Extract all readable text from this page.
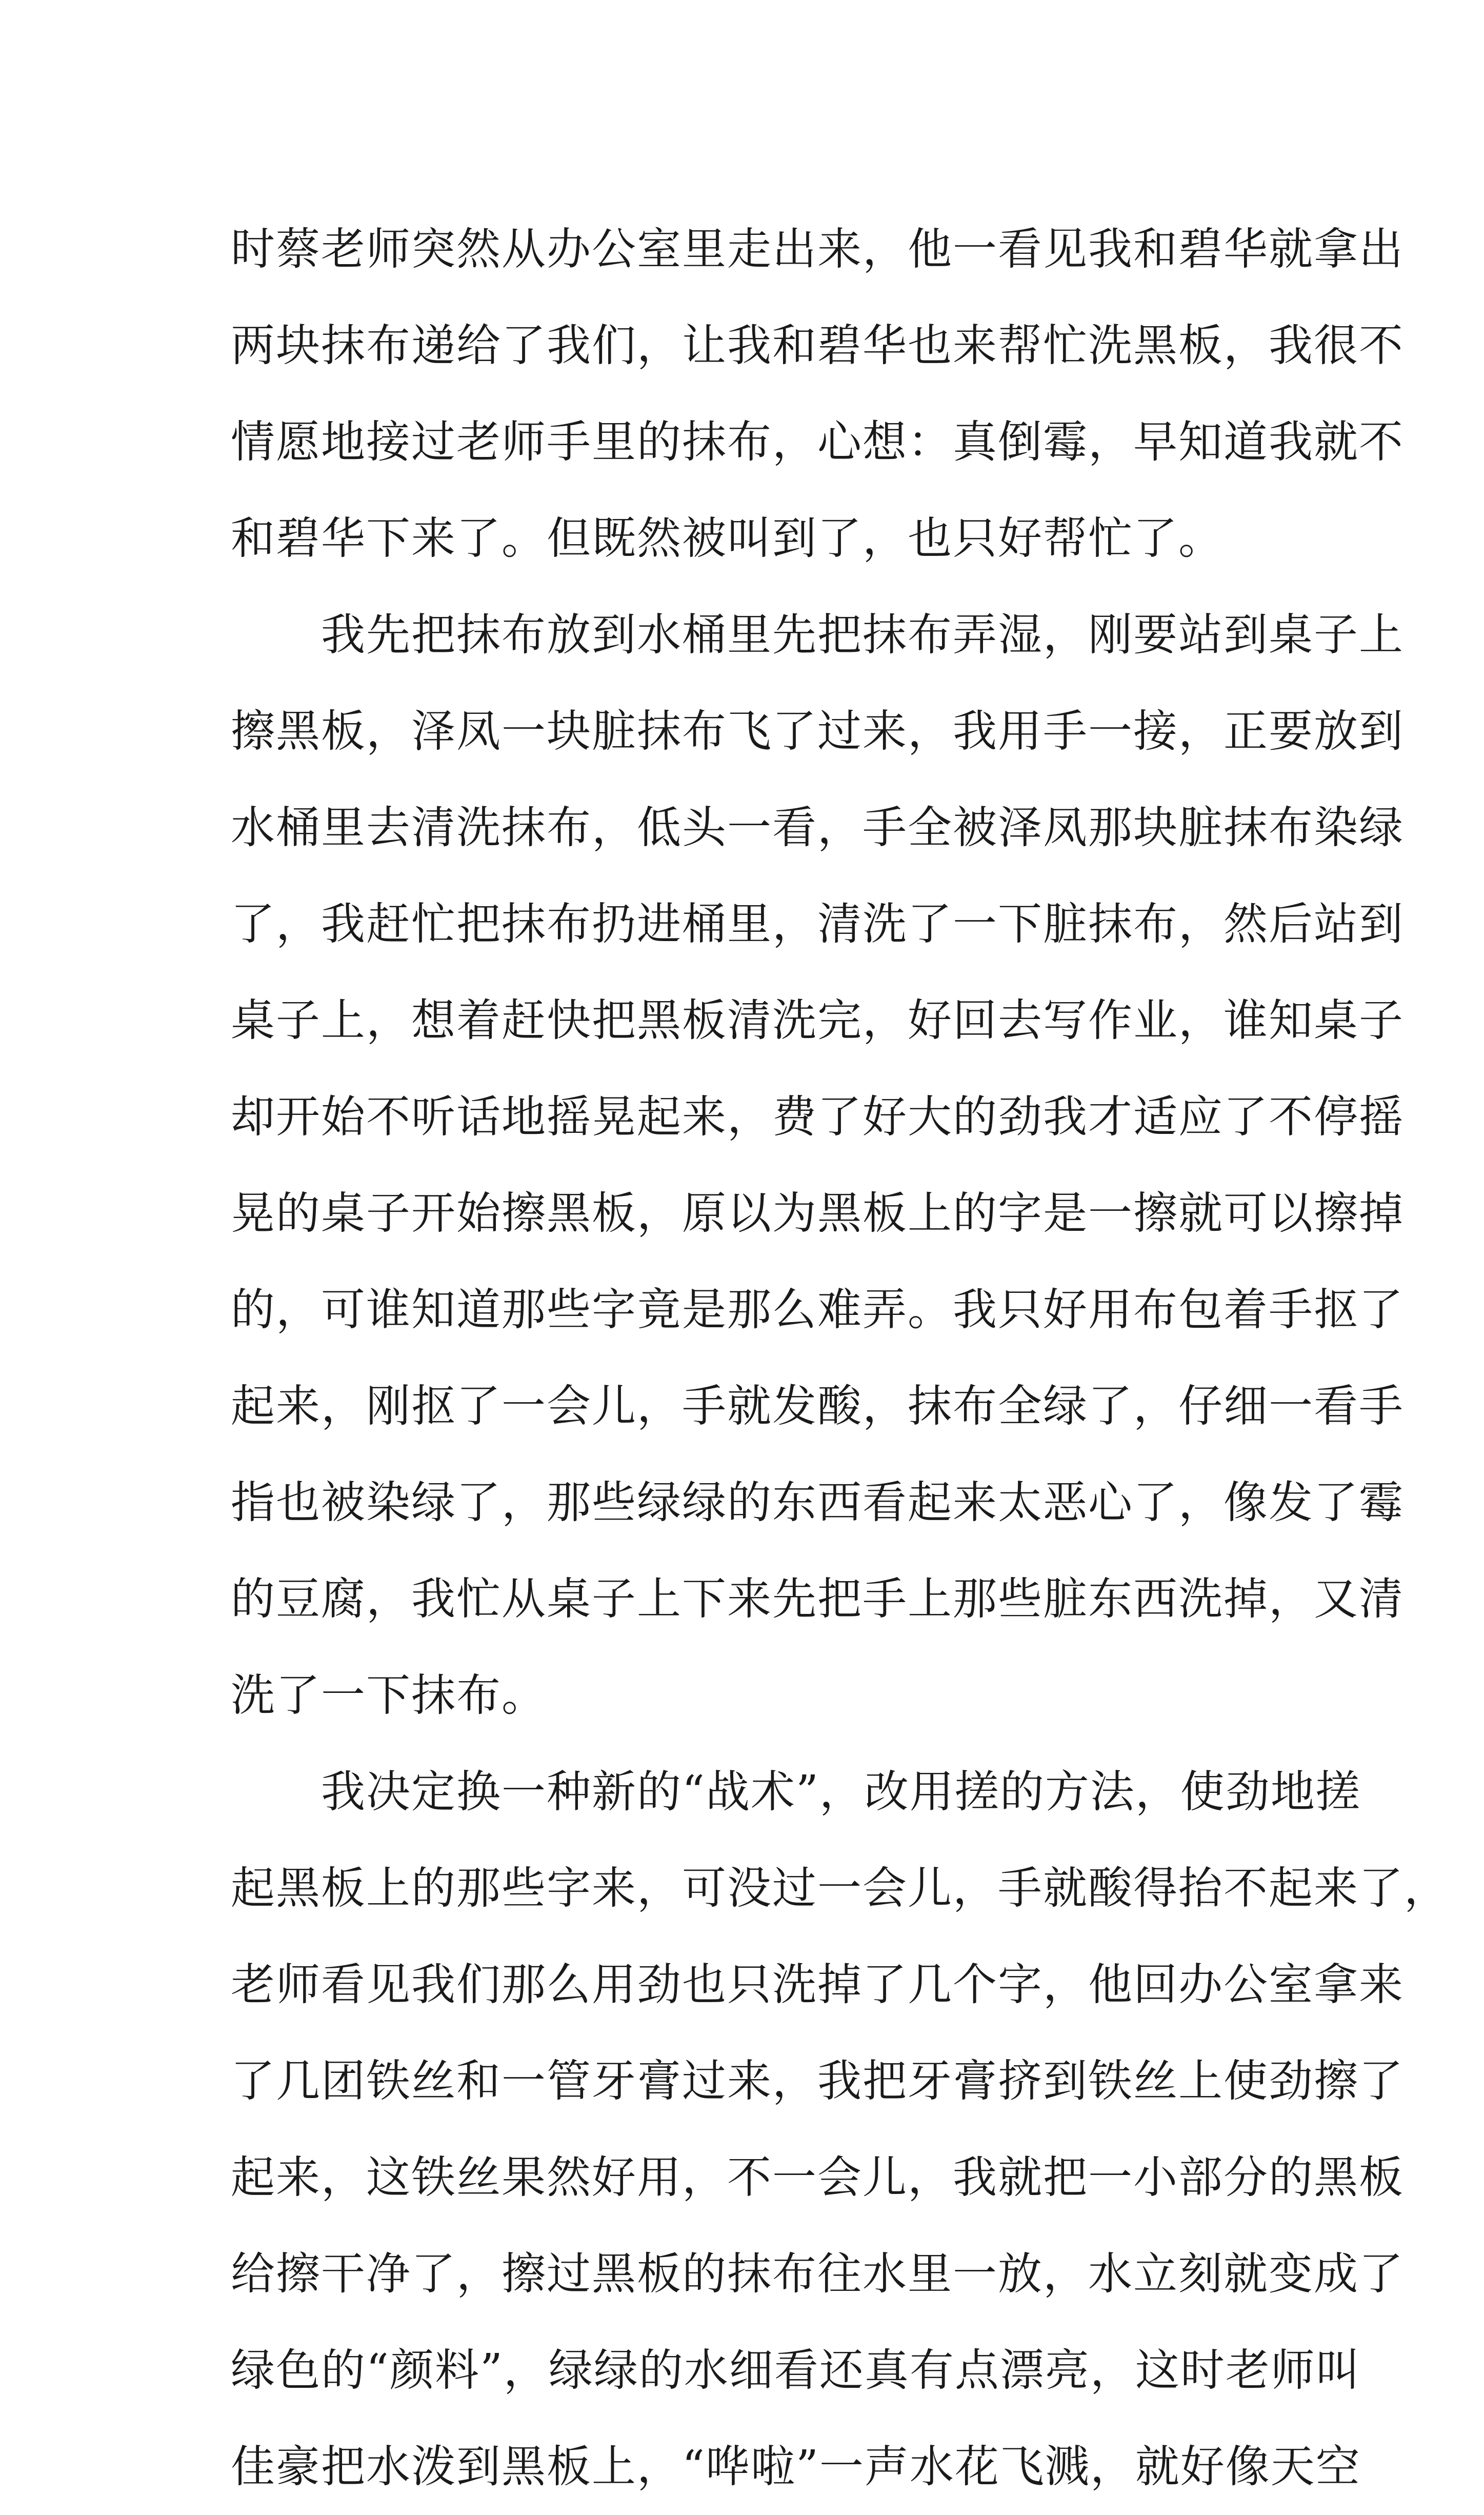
时蔡老师突然从办公室里走出来，他一看见我和碧华就拿出
两块抹布递给了我们，让我和碧华也来帮忙洗黑板，我很不
情愿地接过老师手里的抹布，心想：真倒霉，早知道我就不
和碧华下来了。但既然被叫到了，也只好帮忙了。
　　我先把抹布放到水桶里先把抹布弄湿，刚要站到桌子上
擦黑板，泽凤一块脏抹布飞了过来，我用手一接，正要放到
水桶里去清洗抹布，低头一看，手全被泽凤那块脏抹布染绿
了，我赶忙把抹布扔进桶里，清洗了一下脏抹布，然后站到
桌子上，想着赶快把黑板清洗完，好回去写作业，谁知桌子
却开始不听话地摇晃起来，费了好大的劲我才适应了不停摇
晃的桌子开始擦黑板，原以为黑板上的字是一擦就可以擦掉
的，可谁知道那些字竟是那么难弄。我只好用布包着手抠了
起来，刚抠了一会儿，手就发酸，抹布全绿了，仔细一看手
指也被染绿了，那些绿绿的东西看起来太恶心了，像发了霉
的豆腐，我忙从桌子上下来先把手上那些脏东西洗掉，又清
洗了一下抹布。
　　我决定换一种新的“战术”，改用搓的方法，使劲地搓
起黑板上的那些字来，可没过一会儿，手就酸得抬不起来了，
老师看见我们那么用劲也只洗掉了几个字，他回办公室拿来
了几团铁丝和一管牙膏过来，我把牙膏挤到铁丝上使劲擦了
起来，这铁丝果然好用，不一会儿，我就把一小部分的黑板
给擦干净了，擦过黑板的抹布往水里一放，水立刻就变成了
绿色的“颜料”，绿绿的水细看还真有点漂亮，这时老师叫
佳豪把水泼到黑板上，“哗啦”一声水花飞溅，就好像天空
